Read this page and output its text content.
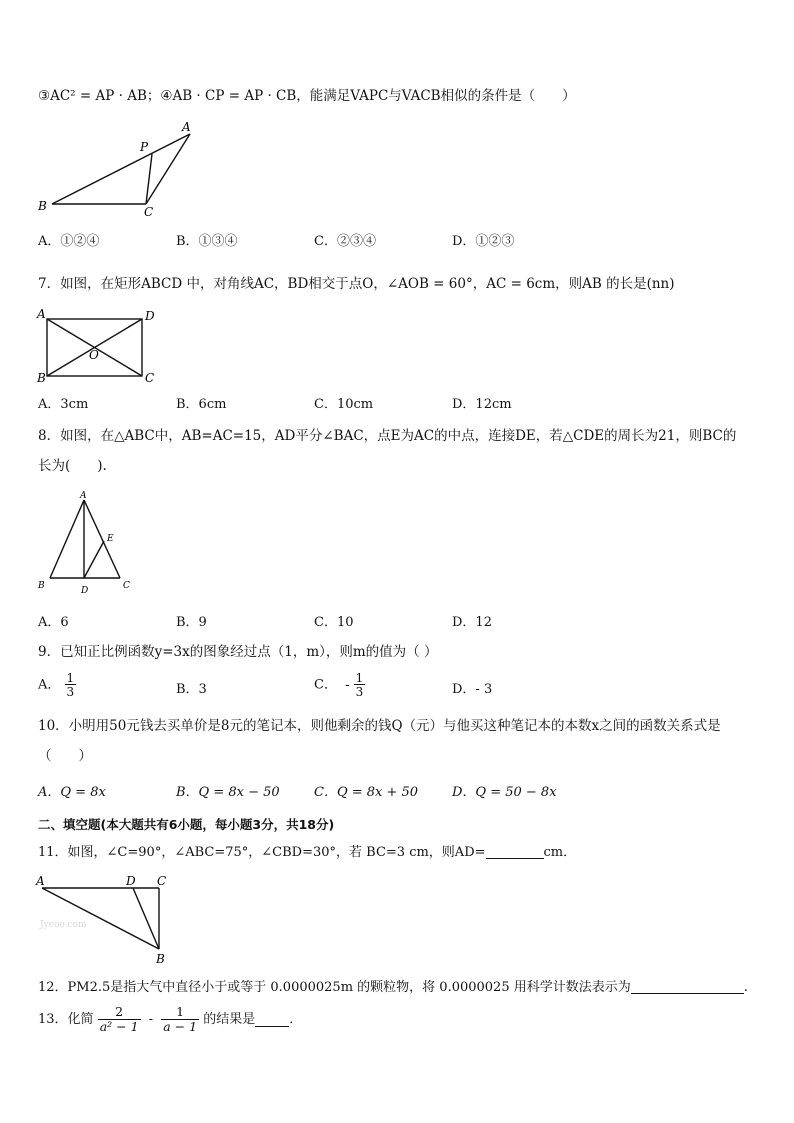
③AC² = AP · AB；④AB · CP = AP · CB，能满足VAPC与VACB相似的条件是（　　）
A
P
B	C
A．①②④	B．①③④	C．②③④	D．①②③
7．如图，在矩形ABCD 中，对角线AC，BD相交于点O，∠AOB = 60°，AC = 6cm，则AB 的长是(nn)
A	D
B	C
O
A．3cm	B．6cm	C．10cm	D．12cm
8．如图，在△ABC中，AB=AC=15，AD平分∠BAC，点E为AC的中点，连接DE，若△CDE的周长为21，则BC的
长为(　　).
A
E
B	D	C
A．6	B．9	C．10	D．12
9．已知正比例函数y=3x的图象经过点（1，m），则m的值为（ ）
A． $\frac{1}{3}$	B．3	C． - $\frac{1}{3}$	D．- 3
10．小明用50元钱去买单价是8元的笔记本，则他剩余的钱Q（元）与他买这种笔记本的本数x之间的函数关系式是
（　　）
A．Q = 8x	B．Q = 8x − 50	C．Q = 8x + 50	D．Q = 50 − 8x
二、填空题(本大题共有6小题，每小题3分，共18分)
11．如图，∠C=90°，∠ABC=75°，∠CBD=30°，若 BC=3 cm，则AD=	cm．
Jyeoo.com
A	D C
B
12．PM2.5是指大气中直径小于或等于 0.0000025m 的颗粒物，将 0.0000025 用科学计数法表示为	.
13．化简 $\frac{2}{\text{a² − 1}} - \frac{1}{a - 1}$ 的结果是	．
